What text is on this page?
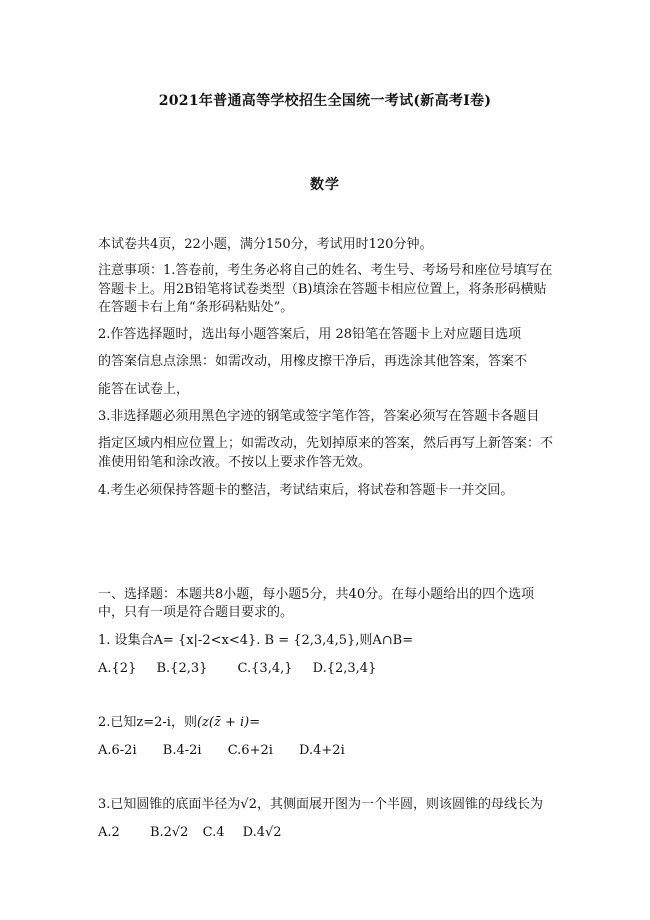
2021年普通高等学校招生全国统一考试(新高考Ⅰ卷)
数学
本试卷共4页，22小题，满分150分，考试用时120分钟。
注意事项：1.答卷前，考生务必将自己的姓名、考生号、考场号和座位号填写在
答题卡上。用2B铅笔将试卷类型（B)填涂在答题卡相应位置上，将条形码横贴
在答题卡右上角“条形码粘贴处”。
2.作答选择题时，选出每小题答案后，用 28铅笔在答题卡上对应题目选项
的答案信息点涂黑：如需改动，用橡皮擦干净后，再选涂其他答案，答案不
能答在试卷上，
3.非选择题必须用黑色字迹的钢笔或签字笔作答，答案必须写在答题卡各题目
指定区域内相应位置上；如需改动，先划掉原来的答案，然后再写上新答案：不
准使用铅笔和涂改液。不按以上要求作答无效。
4.考生必须保持答题卡的整洁，考试结束后，将试卷和答题卡一并交回。
一、选择题：本题共8小题，每小题5分，共40分。在每小题给出的四个选项
中，只有一项是符合题目要求的。
1. 设集合A= {x|-2<x<4}. B = {2,3,4,5},则A∩B=
A.{2} B.{2,3} C.{3,4,} D.{2,3,4}
2.已知z=2-i，则(z(z̄ + i)=
A.6-2i B.4-2i C.6+2i D.4+2i
3.已知圆锥的底面半径为√2，其侧面展开图为一个半圆，则该圆锥的母线长为
A.2 B.2√2 C.4 D.4√2
